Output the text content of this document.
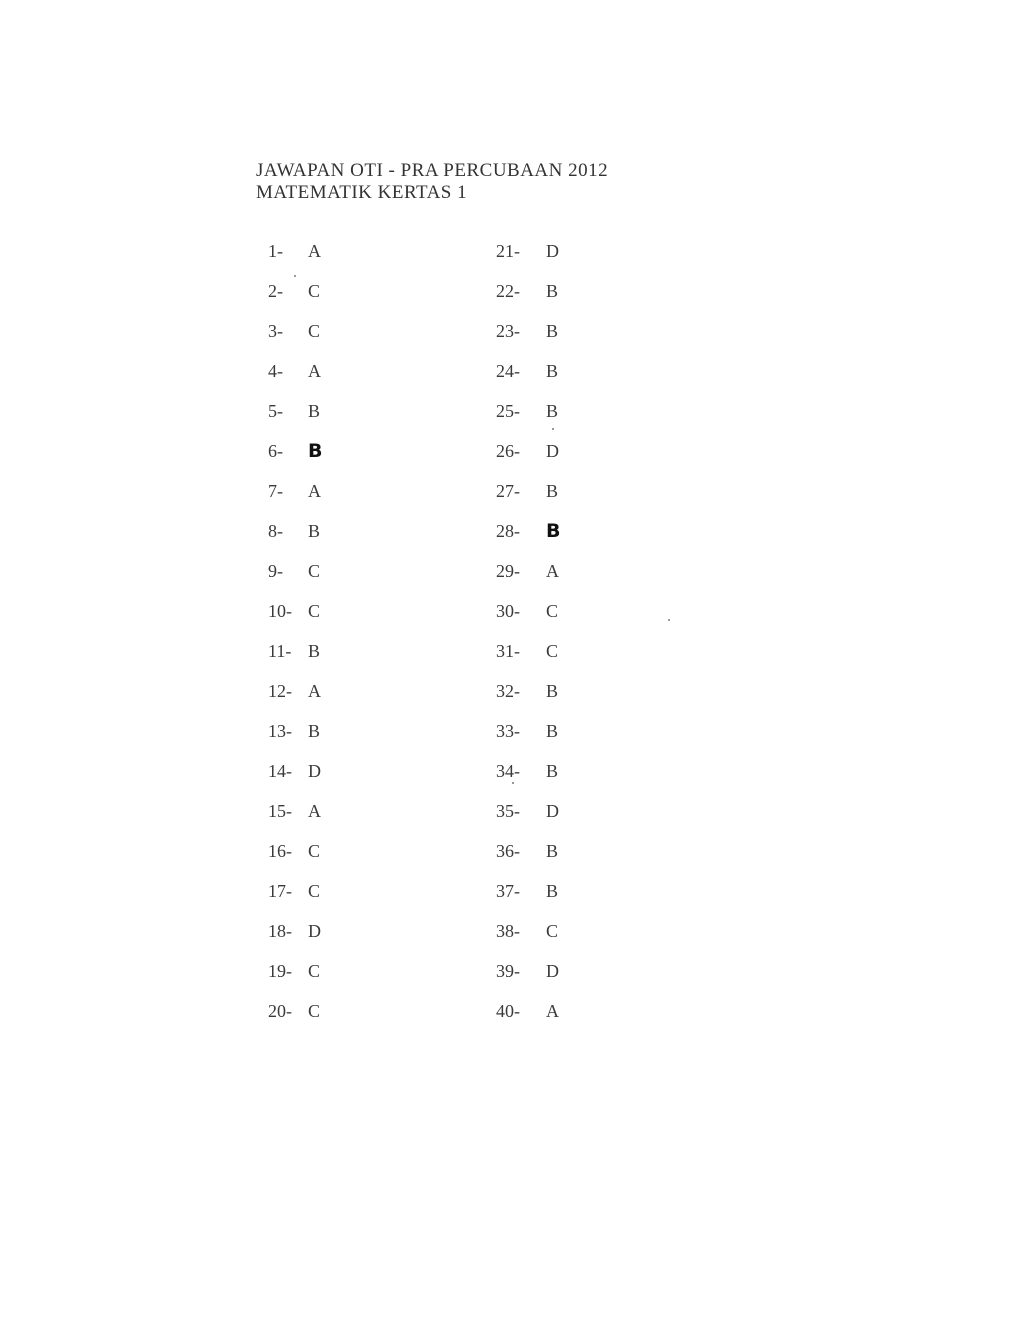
JAWAPAN OTI - PRA PERCUBAAN 2012
MATEMATIK KERTAS 1
1- A
2- C
3- C
4- A
5- B
6- B
7- A
8- B
9- C
10- C
11- B
12- A
13- B
14- D
15- A
16- C
17- C
18- D
19- C
20- C
21- D
22- B
23- B
24- B
25- B
26- D
27- B
28- B
29- A
30- C
31- C
32- B
33- B
34- B
35- D
36- B
37- B
38- C
39- D
40- A
